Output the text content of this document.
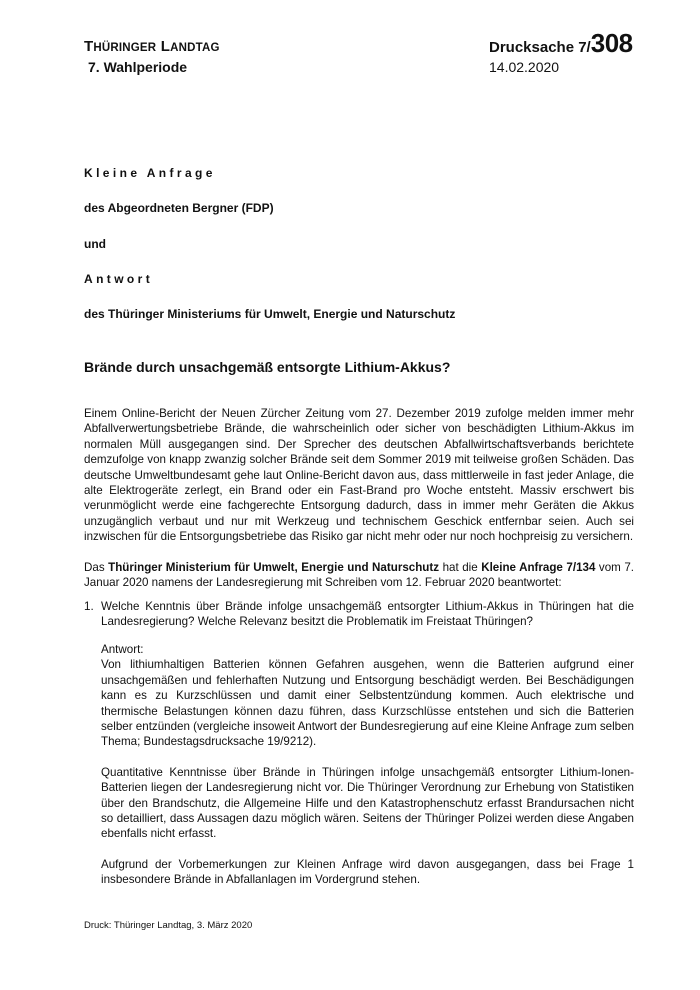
THÜRINGER LANDTAG
7. Wahlperiode
Drucksache 7/308
14.02.2020
Kleine Anfrage
des Abgeordneten Bergner (FDP)
und
Antwort
des Thüringer Ministeriums für Umwelt, Energie und Naturschutz
Brände durch unsachgemäß entsorgte Lithium-Akkus?
Einem Online-Bericht der Neuen Zürcher Zeitung vom 27. Dezember 2019 zufolge melden immer mehr Abfallverwertungsbetriebe Brände, die wahrscheinlich oder sicher von beschädigten Lithium-Akkus im normalen Müll ausgegangen sind. Der Sprecher des deutschen Abfallwirtschaftsverbands berichtete demzufolge von knapp zwanzig solcher Brände seit dem Sommer 2019 mit teilweise großen Schäden. Das deutsche Umweltbundesamt gehe laut Online-Bericht davon aus, dass mittlerweile in fast jeder Anlage, die alte Elektrogeräte zerlegt, ein Brand oder ein Fast-Brand pro Woche entsteht. Massiv erschwert bis verunmöglicht werde eine fachgerechte Entsorgung dadurch, dass in immer mehr Geräten die Akkus unzugänglich verbaut und nur mit Werkzeug und technischem Geschick entfernbar seien. Auch sei inzwischen für die Entsorgungsbetriebe das Risiko gar nicht mehr oder nur noch hochpreisig zu versichern.
Das Thüringer Ministerium für Umwelt, Energie und Naturschutz hat die Kleine Anfrage 7/134 vom 7. Januar 2020 namens der Landesregierung mit Schreiben vom 12. Februar 2020 beantwortet:
1. Welche Kenntnis über Brände infolge unsachgemäß entsorgter Lithium-Akkus in Thüringen hat die Landesregierung? Welche Relevanz besitzt die Problematik im Freistaat Thüringen?

Antwort:

Von lithiumhaltigen Batterien können Gefahren ausgehen, wenn die Batterien aufgrund einer unsachgemäßen und fehlerhaften Nutzung und Entsorgung beschädigt werden. Bei Beschädigungen kann es zu Kurzschlüssen und damit einer Selbstentzündung kommen. Auch elektrische und thermische Belastungen können dazu führen, dass Kurzschlüsse entstehen und sich die Batterien selber entzünden (vergleiche insoweit Antwort der Bundesregierung auf eine Kleine Anfrage zum selben Thema; Bundestagsdrucksache 19/9212).

Quantitative Kenntnisse über Brände in Thüringen infolge unsachgemäß entsorgter Lithium-Ionen-Batterien liegen der Landesregierung nicht vor. Die Thüringer Verordnung zur Erhebung von Statistiken über den Brandschutz, die Allgemeine Hilfe und den Katastrophenschutz erfasst Brandursachen nicht so detailliert, dass Aussagen dazu möglich wären. Seitens der Thüringer Polizei werden diese Angaben ebenfalls nicht erfasst.

Aufgrund der Vorbemerkungen zur Kleinen Anfrage wird davon ausgegangen, dass bei Frage 1 insbesondere Brände in Abfallanlagen im Vordergrund stehen.

Druck: Thüringer Landtag, 3. März 2020
